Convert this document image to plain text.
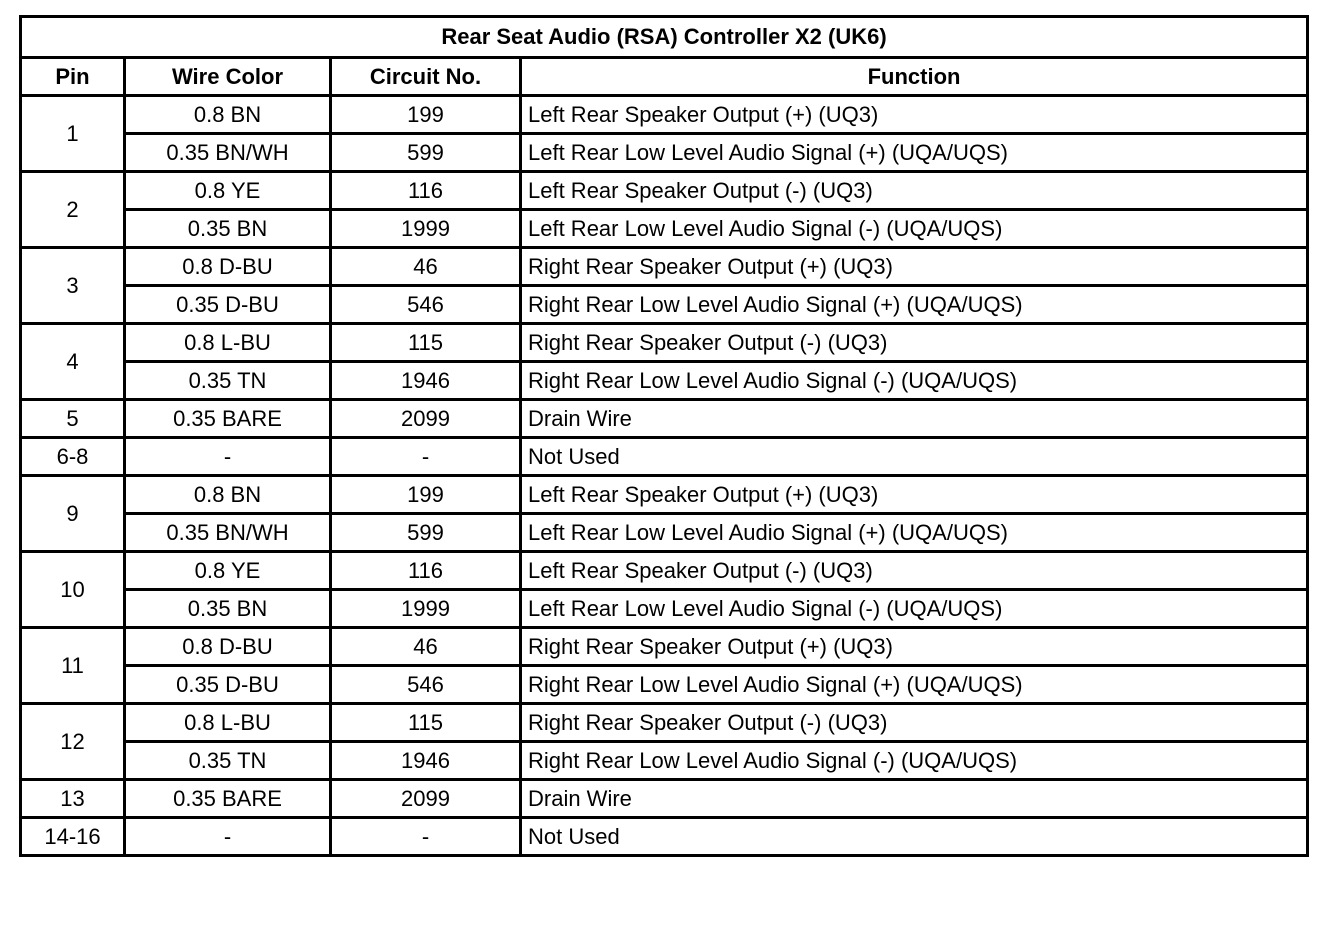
Rear Seat Audio (RSA) Controller X2 (UK6)			
Pin	Wire Color	Circuit No.	Function
1	0.8 BN	199	Left Rear Speaker Output (+) (UQ3)
	0.35 BN/WH	599	Left Rear Low Level Audio Signal (+) (UQA/UQS)
2	0.8 YE	116	Left Rear Speaker Output (-) (UQ3)
	0.35 BN	1999	Left Rear Low Level Audio Signal (-) (UQA/UQS)
3	0.8 D-BU	46	Right Rear Speaker Output (+) (UQ3)
	0.35 D-BU	546	Right Rear Low Level Audio Signal (+) (UQA/UQS)
4	0.8 L-BU	115	Right Rear Speaker Output (-) (UQ3)
	0.35 TN	1946	Right Rear Low Level Audio Signal (-) (UQA/UQS)
5	0.35 BARE	2099	Drain Wire
6-8	-	-	Not Used
9	0.8 BN	199	Left Rear Speaker Output (+) (UQ3)
	0.35 BN/WH	599	Left Rear Low Level Audio Signal (+) (UQA/UQS)
10	0.8 YE	116	Left Rear Speaker Output (-) (UQ3)
	0.35 BN	1999	Left Rear Low Level Audio Signal (-) (UQA/UQS)
11	0.8 D-BU	46	Right Rear Speaker Output (+) (UQ3)
	0.35 D-BU	546	Right Rear Low Level Audio Signal (+) (UQA/UQS)
12	0.8 L-BU	115	Right Rear Speaker Output (-) (UQ3)
	0.35 TN	1946	Right Rear Low Level Audio Signal (-) (UQA/UQS)
13	0.35 BARE	2099	Drain Wire
14-16	-	-	Not Used
